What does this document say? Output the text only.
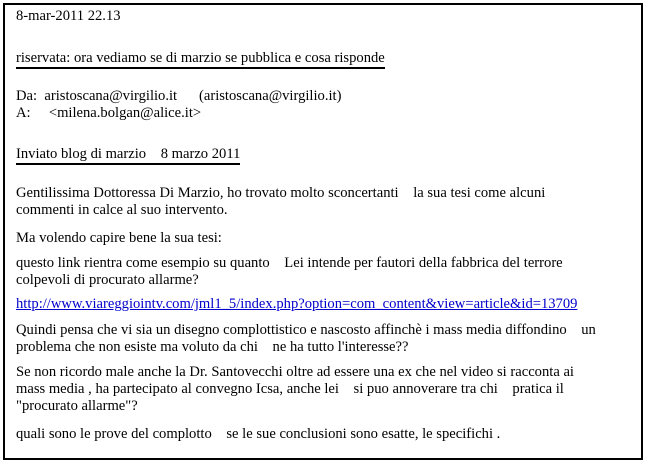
8-mar-2011 22.13
riservata: ora vediamo se di marzio se pubblica e cosa risponde
Da: aristoscana@virgilio.it (aristoscana@virgilio.it)
A: <milena.bolgan@alice.it>
Inviato blog di marzio    8 marzo 2011
Gentilissima Dottoressa Di Marzio, ho trovato molto sconcertanti    la sua tesi come alcuni
commenti in calce al suo intervento.
Ma volendo capire bene la sua tesi:
questo link rientra come esempio su quanto    Lei intende per fautori della fabbrica del terrore
colpevoli di procurato allarme?
http://www.viareggiointv.com/jml1_5/index.php?option=com_content&view=article&id=13709
Quindi pensa che vi sia un disegno complottistico e nascosto affinchè i mass media diffondino    un
problema che non esiste ma voluto da chi    ne ha tutto l'interesse??
Se non ricordo male anche la Dr. Santovecchi oltre ad essere una ex che nel video si racconta ai
mass media , ha partecipato al convegno Icsa, anche lei    si puo annoverare tra chi    pratica il
"procurato allarme"?
quali sono le prove del complotto    se le sue conclusioni sono esatte, le specifichi .
